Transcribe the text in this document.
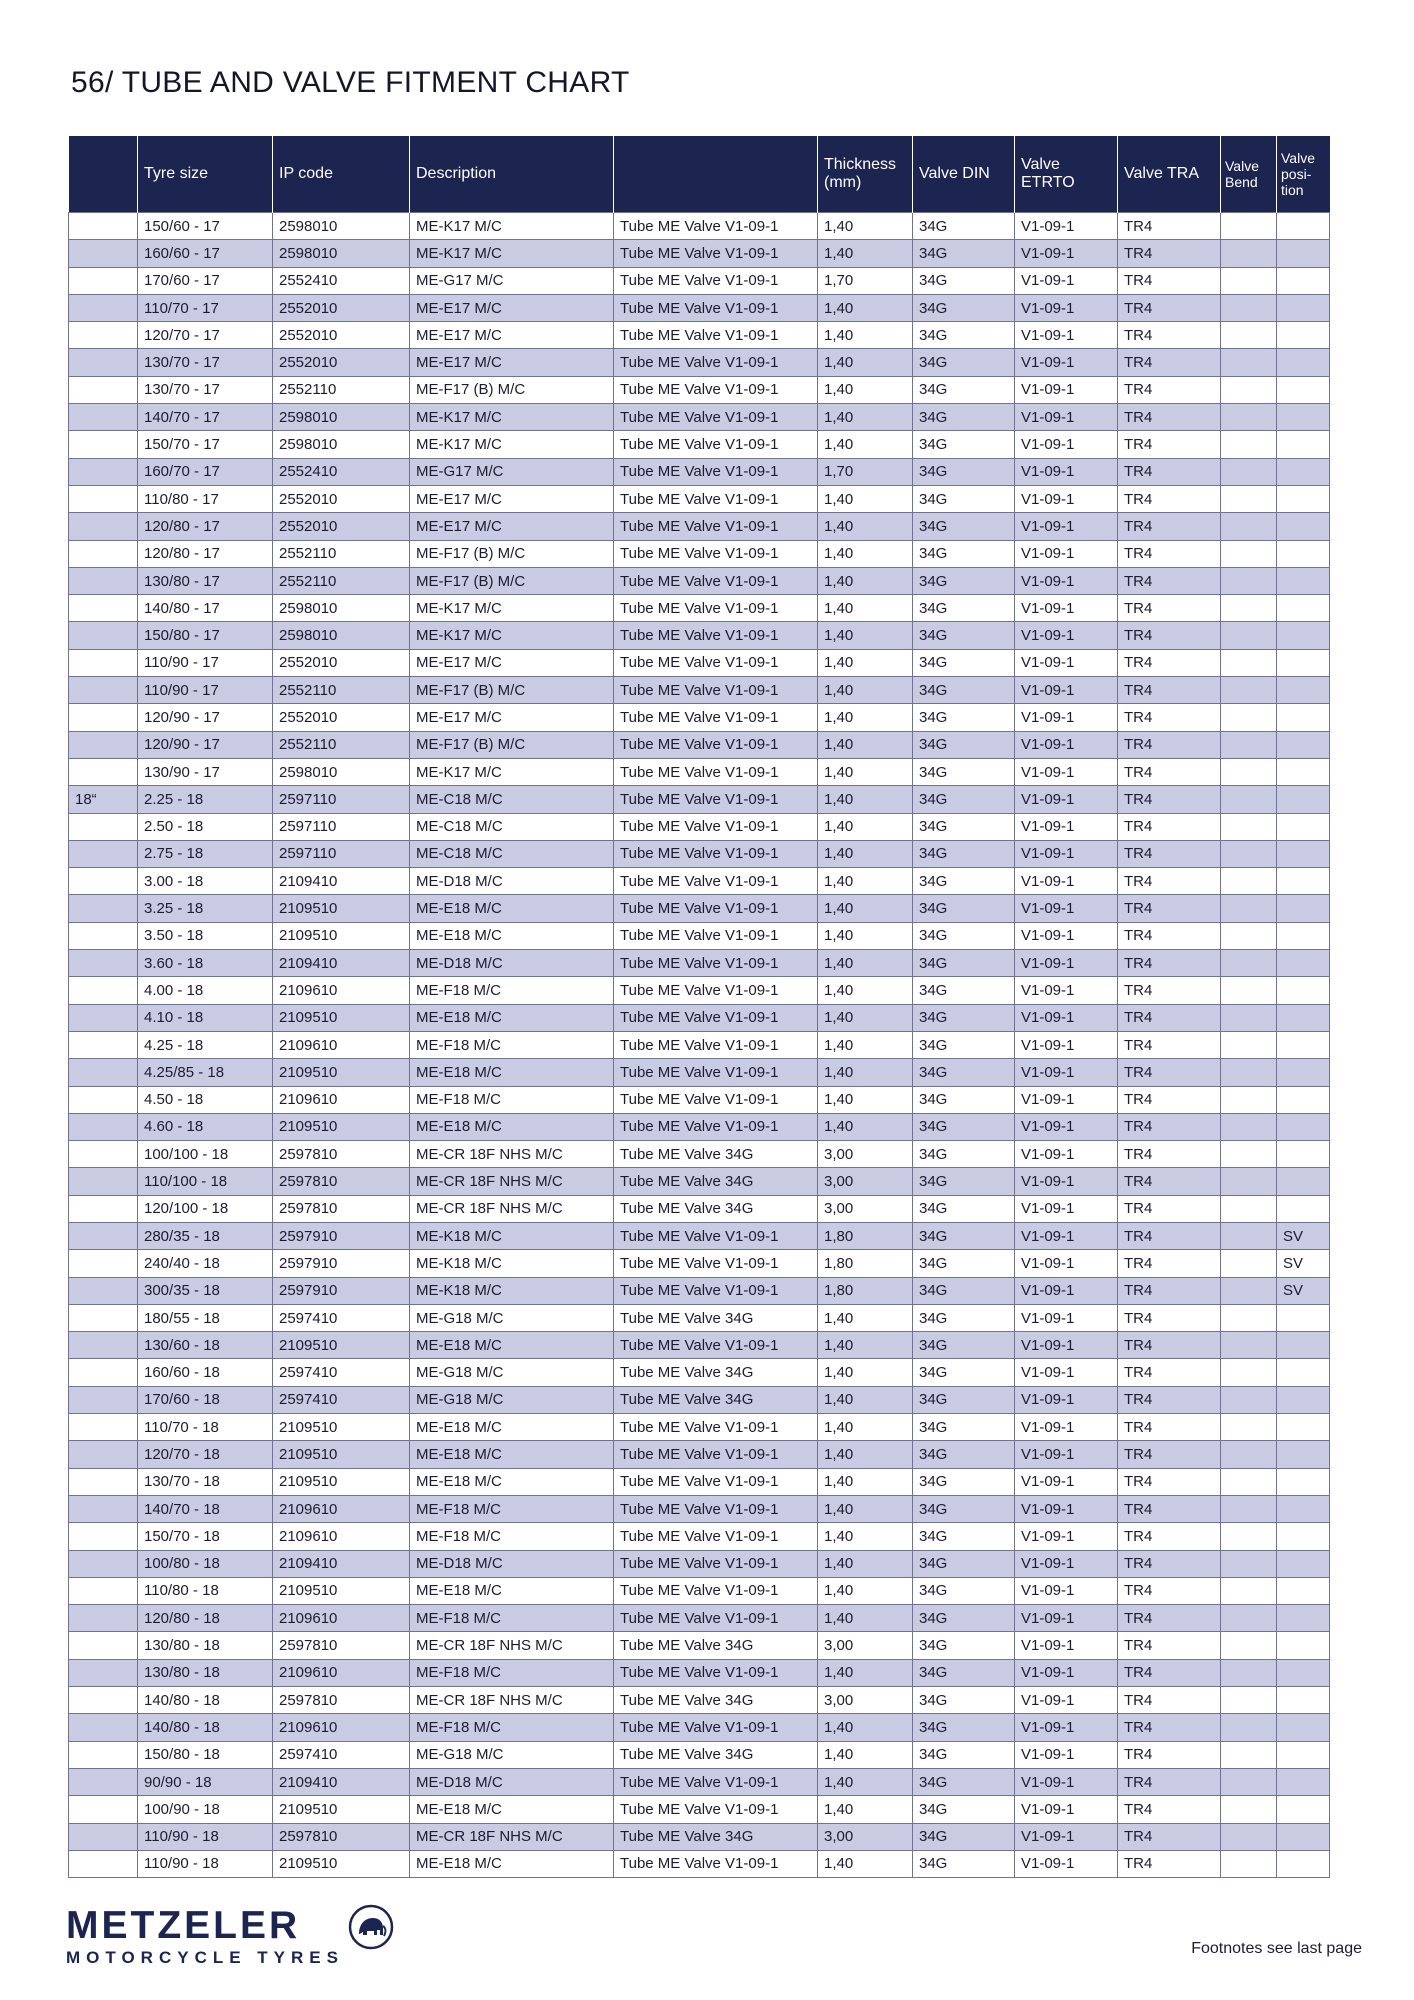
56/ TUBE AND VALVE FITMENT CHART
	Tyre size	IP code	Description		Thickness (mm)	Valve DIN	Valve ETRTO	Valve TRA	Valve Bend	Valve posi- tion
	150/60 - 17	2598010	ME-K17 M/C	Tube ME Valve V1-09-1	1,40	34G	V1-09-1	TR4		
	160/60 - 17	2598010	ME-K17 M/C	Tube ME Valve V1-09-1	1,40	34G	V1-09-1	TR4		
	170/60 - 17	2552410	ME-G17 M/C	Tube ME Valve V1-09-1	1,70	34G	V1-09-1	TR4		
	110/70 - 17	2552010	ME-E17 M/C	Tube ME Valve V1-09-1	1,40	34G	V1-09-1	TR4		
	120/70 - 17	2552010	ME-E17 M/C	Tube ME Valve V1-09-1	1,40	34G	V1-09-1	TR4		
	130/70 - 17	2552010	ME-E17 M/C	Tube ME Valve V1-09-1	1,40	34G	V1-09-1	TR4		
	130/70 - 17	2552110	ME-F17 (B) M/C	Tube ME Valve V1-09-1	1,40	34G	V1-09-1	TR4		
	140/70 - 17	2598010	ME-K17 M/C	Tube ME Valve V1-09-1	1,40	34G	V1-09-1	TR4		
	150/70 - 17	2598010	ME-K17 M/C	Tube ME Valve V1-09-1	1,40	34G	V1-09-1	TR4		
	160/70 - 17	2552410	ME-G17 M/C	Tube ME Valve V1-09-1	1,70	34G	V1-09-1	TR4		
	110/80 - 17	2552010	ME-E17 M/C	Tube ME Valve V1-09-1	1,40	34G	V1-09-1	TR4		
	120/80 - 17	2552010	ME-E17 M/C	Tube ME Valve V1-09-1	1,40	34G	V1-09-1	TR4		
	120/80 - 17	2552110	ME-F17 (B) M/C	Tube ME Valve V1-09-1	1,40	34G	V1-09-1	TR4		
	130/80 - 17	2552110	ME-F17 (B) M/C	Tube ME Valve V1-09-1	1,40	34G	V1-09-1	TR4		
	140/80 - 17	2598010	ME-K17 M/C	Tube ME Valve V1-09-1	1,40	34G	V1-09-1	TR4		
	150/80 - 17	2598010	ME-K17 M/C	Tube ME Valve V1-09-1	1,40	34G	V1-09-1	TR4		
	110/90 - 17	2552010	ME-E17 M/C	Tube ME Valve V1-09-1	1,40	34G	V1-09-1	TR4		
	110/90 - 17	2552110	ME-F17 (B) M/C	Tube ME Valve V1-09-1	1,40	34G	V1-09-1	TR4		
	120/90 - 17	2552010	ME-E17 M/C	Tube ME Valve V1-09-1	1,40	34G	V1-09-1	TR4		
	120/90 - 17	2552110	ME-F17 (B) M/C	Tube ME Valve V1-09-1	1,40	34G	V1-09-1	TR4		
	130/90 - 17	2598010	ME-K17 M/C	Tube ME Valve V1-09-1	1,40	34G	V1-09-1	TR4		
18“	2.25 - 18	2597110	ME-C18 M/C	Tube ME Valve V1-09-1	1,40	34G	V1-09-1	TR4		
	2.50 - 18	2597110	ME-C18 M/C	Tube ME Valve V1-09-1	1,40	34G	V1-09-1	TR4		
	2.75 - 18	2597110	ME-C18 M/C	Tube ME Valve V1-09-1	1,40	34G	V1-09-1	TR4		
	3.00 - 18	2109410	ME-D18 M/C	Tube ME Valve V1-09-1	1,40	34G	V1-09-1	TR4		
	3.25 - 18	2109510	ME-E18 M/C	Tube ME Valve V1-09-1	1,40	34G	V1-09-1	TR4		
	3.50 - 18	2109510	ME-E18 M/C	Tube ME Valve V1-09-1	1,40	34G	V1-09-1	TR4		
	3.60 - 18	2109410	ME-D18 M/C	Tube ME Valve V1-09-1	1,40	34G	V1-09-1	TR4		
	4.00 - 18	2109610	ME-F18 M/C	Tube ME Valve V1-09-1	1,40	34G	V1-09-1	TR4		
	4.10 - 18	2109510	ME-E18 M/C	Tube ME Valve V1-09-1	1,40	34G	V1-09-1	TR4		
	4.25 - 18	2109610	ME-F18 M/C	Tube ME Valve V1-09-1	1,40	34G	V1-09-1	TR4		
	4.25/85 - 18	2109510	ME-E18 M/C	Tube ME Valve V1-09-1	1,40	34G	V1-09-1	TR4		
	4.50 - 18	2109610	ME-F18 M/C	Tube ME Valve V1-09-1	1,40	34G	V1-09-1	TR4		
	4.60 - 18	2109510	ME-E18 M/C	Tube ME Valve V1-09-1	1,40	34G	V1-09-1	TR4		
	100/100 - 18	2597810	ME-CR 18F NHS M/C	Tube ME Valve 34G	3,00	34G	V1-09-1	TR4		
	110/100 - 18	2597810	ME-CR 18F NHS M/C	Tube ME Valve 34G	3,00	34G	V1-09-1	TR4		
	120/100 - 18	2597810	ME-CR 18F NHS M/C	Tube ME Valve 34G	3,00	34G	V1-09-1	TR4		
	280/35 - 18	2597910	ME-K18 M/C	Tube ME Valve V1-09-1	1,80	34G	V1-09-1	TR4		SV
	240/40 - 18	2597910	ME-K18 M/C	Tube ME Valve V1-09-1	1,80	34G	V1-09-1	TR4		SV
	300/35 - 18	2597910	ME-K18 M/C	Tube ME Valve V1-09-1	1,80	34G	V1-09-1	TR4		SV
	180/55 - 18	2597410	ME-G18 M/C	Tube ME Valve 34G	1,40	34G	V1-09-1	TR4		
	130/60 - 18	2109510	ME-E18 M/C	Tube ME Valve V1-09-1	1,40	34G	V1-09-1	TR4		
	160/60 - 18	2597410	ME-G18 M/C	Tube ME Valve 34G	1,40	34G	V1-09-1	TR4		
	170/60 - 18	2597410	ME-G18 M/C	Tube ME Valve 34G	1,40	34G	V1-09-1	TR4		
	110/70 - 18	2109510	ME-E18 M/C	Tube ME Valve V1-09-1	1,40	34G	V1-09-1	TR4		
	120/70 - 18	2109510	ME-E18 M/C	Tube ME Valve V1-09-1	1,40	34G	V1-09-1	TR4		
	130/70 - 18	2109510	ME-E18 M/C	Tube ME Valve V1-09-1	1,40	34G	V1-09-1	TR4		
	140/70 - 18	2109610	ME-F18 M/C	Tube ME Valve V1-09-1	1,40	34G	V1-09-1	TR4		
	150/70 - 18	2109610	ME-F18 M/C	Tube ME Valve V1-09-1	1,40	34G	V1-09-1	TR4		
	100/80 - 18	2109410	ME-D18 M/C	Tube ME Valve V1-09-1	1,40	34G	V1-09-1	TR4		
	110/80 - 18	2109510	ME-E18 M/C	Tube ME Valve V1-09-1	1,40	34G	V1-09-1	TR4		
	120/80 - 18	2109610	ME-F18 M/C	Tube ME Valve V1-09-1	1,40	34G	V1-09-1	TR4		
	130/80 - 18	2597810	ME-CR 18F NHS M/C	Tube ME Valve 34G	3,00	34G	V1-09-1	TR4		
	130/80 - 18	2109610	ME-F18 M/C	Tube ME Valve V1-09-1	1,40	34G	V1-09-1	TR4		
	140/80 - 18	2597810	ME-CR 18F NHS M/C	Tube ME Valve 34G	3,00	34G	V1-09-1	TR4		
	140/80 - 18	2109610	ME-F18 M/C	Tube ME Valve V1-09-1	1,40	34G	V1-09-1	TR4		
	150/80 - 18	2597410	ME-G18 M/C	Tube ME Valve 34G	1,40	34G	V1-09-1	TR4		
	90/90 - 18	2109410	ME-D18 M/C	Tube ME Valve V1-09-1	1,40	34G	V1-09-1	TR4		
	100/90 - 18	2109510	ME-E18 M/C	Tube ME Valve V1-09-1	1,40	34G	V1-09-1	TR4		
	110/90 - 18	2597810	ME-CR 18F NHS M/C	Tube ME Valve 34G	3,00	34G	V1-09-1	TR4		
	110/90 - 18	2109510	ME-E18 M/C	Tube ME Valve V1-09-1	1,40	34G	V1-09-1	TR4		
METZELER
MOTORCYCLE TYRES	Footnotes see last page
